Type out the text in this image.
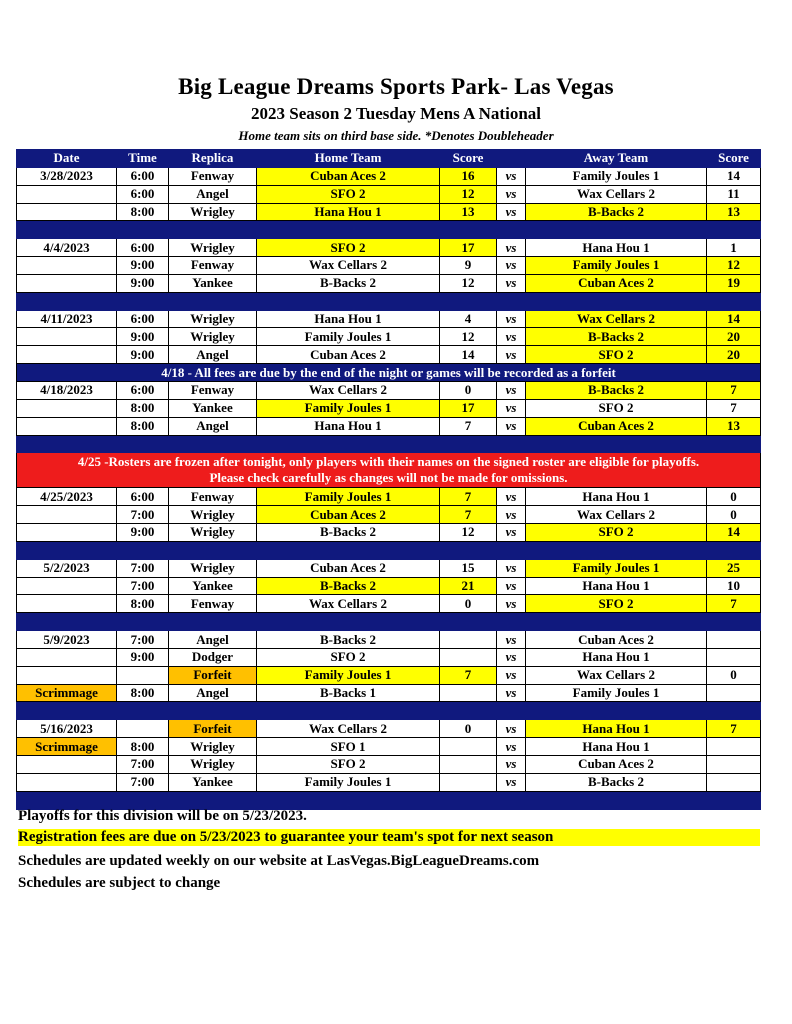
Big League Dreams Sports Park- Las Vegas
2023 Season 2 Tuesday Mens A National
Home team sits on third base side. *Denotes Doubleheader
Date	Time	Replica	Home Team	Score		Away Team	Score
3/28/2023	6:00	Fenway	Cuban Aces 2	16	vs	Family Joules 1	14
	6:00	Angel	SFO 2	12	vs	Wax Cellars 2	11
	8:00	Wrigley	Hana Hou 1	13	vs	B-Backs 2	13

4/4/2023	6:00	Wrigley	SFO 2	17	vs	Hana Hou 1	1
	9:00	Fenway	Wax Cellars 2	9	vs	Family Joules 1	12
	9:00	Yankee	B-Backs 2	12	vs	Cuban Aces 2	19

4/11/2023	6:00	Wrigley	Hana Hou 1	4	vs	Wax Cellars 2	14
	9:00	Wrigley	Family Joules 1	12	vs	B-Backs 2	20
	9:00	Angel	Cuban Aces 2	14	vs	SFO 2	20
4/18 - All fees are due by the end of the night or games will be recorded as a forfeit							
4/18/2023	6:00	Fenway	Wax Cellars 2	0	vs	B-Backs 2	7
	8:00	Yankee	Family Joules 1	17	vs	SFO 2	7
	8:00	Angel	Hana Hou 1	7	vs	Cuban Aces 2	13

4/25 -Rosters are frozen after tonight, only players with their names on the signed roster are eligible for playoffs.
Please check carefully as changes will not be made for omissions.							

4/25/2023	6:00	Fenway	Family Joules 1	7	vs	Hana Hou 1	0
	7:00	Wrigley	Cuban Aces 2	7	vs	Wax Cellars 2	0
	9:00	Wrigley	B-Backs 2	12	vs	SFO 2	14

5/2/2023	7:00	Wrigley	Cuban Aces 2	15	vs	Family Joules 1	25
	7:00	Yankee	B-Backs 2	21	vs	Hana Hou 1	10
	8:00	Fenway	Wax Cellars 2	0	vs	SFO 2	7

5/9/2023	7:00	Angel	B-Backs 2		vs	Cuban Aces 2	
	9:00	Dodger	SFO 2		vs	Hana Hou 1	
		Forfeit	Family Joules 1	7	vs	Wax Cellars 2	0
Scrimmage	8:00	Angel	B-Backs 1		vs	Family Joules 1	

5/16/2023		Forfeit	Wax Cellars 2	0	vs	Hana Hou 1	7
Scrimmage	8:00	Wrigley	SFO 1		vs	Hana Hou 1	
	7:00	Wrigley	SFO 2		vs	Cuban Aces 2	
	7:00	Yankee	Family Joules 1		vs	B-Backs 2	

Playoffs for this division will be on 5/23/2023.
Registration fees are due on 5/23/2023 to guarantee your team's spot for next season
Schedules are updated weekly on our website at LasVegas.BigLeagueDreams.com
Schedules are subject to change
